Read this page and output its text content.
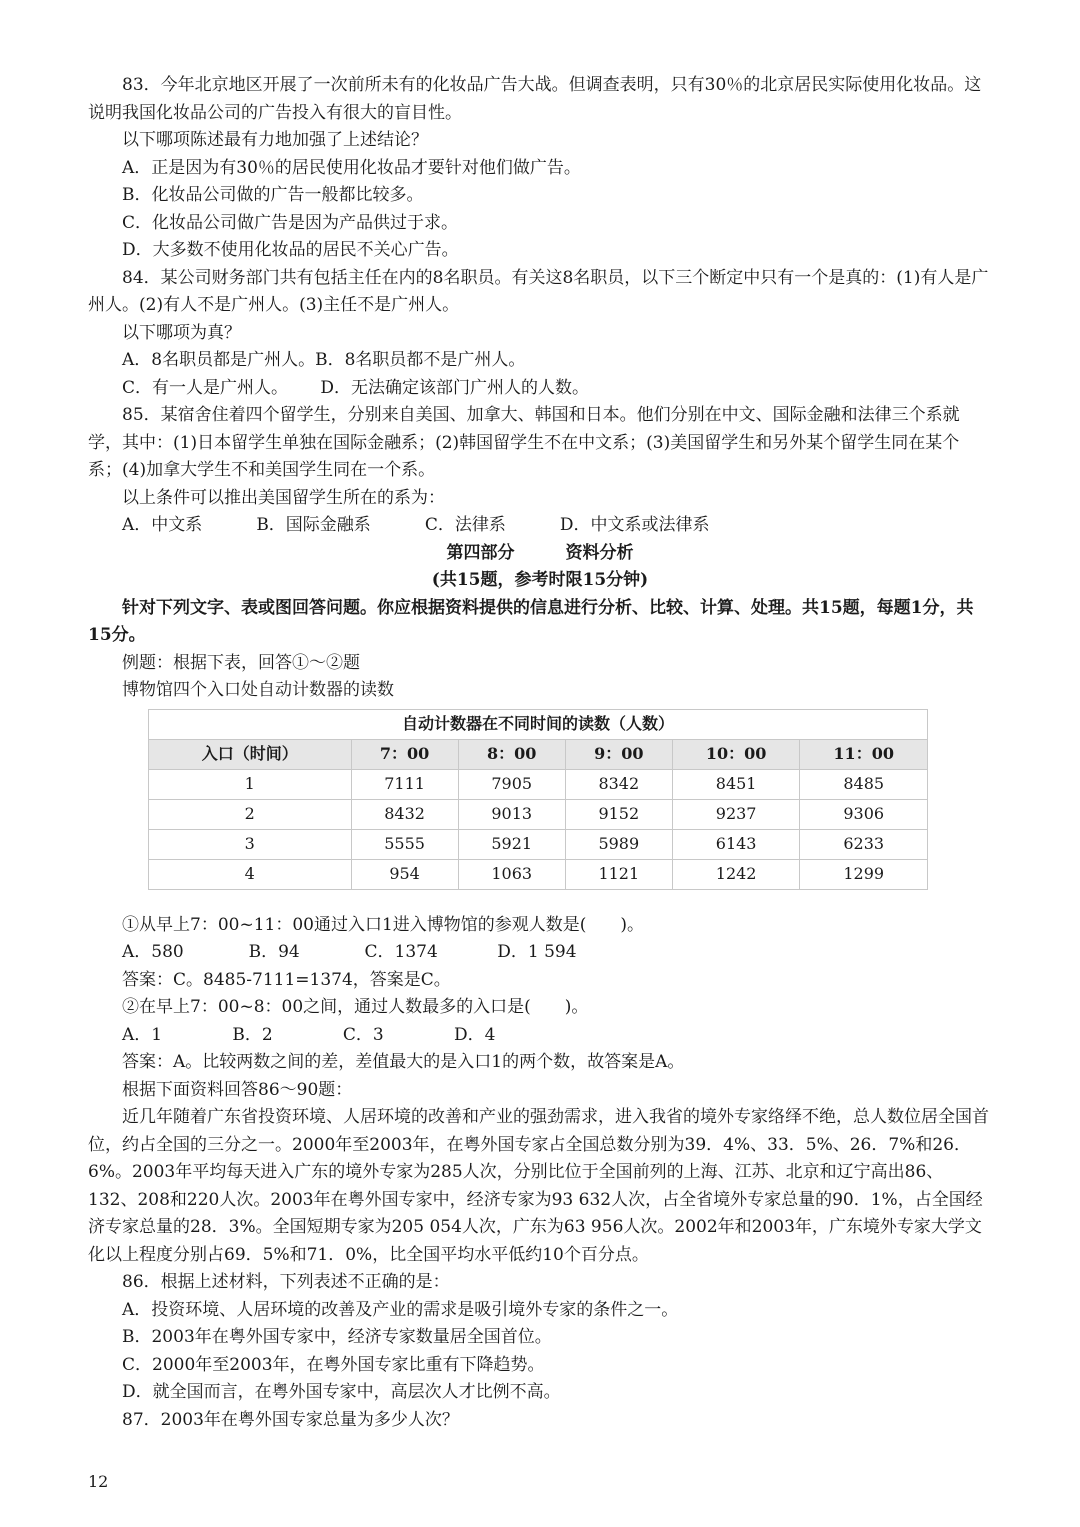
83．今年北京地区开展了一次前所未有的化妆品广告大战。但调查表明，只有30％的北京居民实际使用化妆品。这说明我国化妆品公司的广告投入有很大的盲目性。

以下哪项陈述最有力地加强了上述结论？

A．正是因为有30％的居民使用化妆品才要针对他们做广告。

B．化妆品公司做的广告一般都比较多。

C．化妆品公司做广告是因为产品供过于求。

D．大多数不使用化妆品的居民不关心广告。

84．某公司财务部门共有包括主任在内的8名职员。有关这8名职员，以下三个断定中只有一个是真的：(1)有人是广州人。(2)有人不是广州人。(3)主任不是广州人。

以下哪项为真？

A．8名职员都是广州人。B．8名职员都不是广州人。

C．有一人是广州人。      D．无法确定该部门广州人的人数。

85．某宿舍住着四个留学生，分别来自美国、加拿大、韩国和日本。他们分别在中文、国际金融和法律三个系就学，其中：(1)日本留学生单独在国际金融系；(2)韩国留学生不在中文系；(3)美国留学生和另外某个留学生同在某个系；(4)加拿大学生不和美国学生同在一个系。

以上条件可以推出美国留学生所在的系为：

A．中文系          B．国际金融系          C．法律系          D．中文系或法律系

第四部分　　　资料分析

(共15题，参考时限15分钟)

针对下列文字、表或图回答问题。你应根据资料提供的信息进行分析、比较、计算、处理。共15题，每题1分，共15分。

例题：根据下表，回答①～②题

博物馆四个入口处自动计数器的读数

自动计数器在不同时间的读数（人数）					
入口（时间）	7：00	8：00	9：00	10：00	11：00
1	7111	7905	8342	8451	8485
2	8432	9013	9152	9237	9306
3	5555	5921	5989	6143	6233
4	954	1063	1121	1242	1299

①从早上7：00~11：00通过入口1进入博物馆的参观人数是(　　)。

A．580            B．94            C．1374           D．1 594

答案：C。8485-7111=1374，答案是C。

②在早上7：00~8：00之间，通过人数最多的入口是(　　)。

A．1             B．2             C．3             D．4

答案：A。比较两数之间的差，差值最大的是入口1的两个数，故答案是A。

根据下面资料回答86～90题：

近几年随着广东省投资环境、人居环境的改善和产业的强劲需求，进入我省的境外专家络绎不绝，总人数位居全国首位，约占全国的三分之一。2000年至2003年，在粤外国专家占全国总数分别为39．4%、33．5%、26．7%和26．6%。2003年平均每天进入广东的境外专家为285人次，分别比位于全国前列的上海、江苏、北京和辽宁高出86、132、208和220人次。2003年在粤外国专家中，经济专家为93 632人次，占全省境外专家总量的90．1%，占全国经济专家总量的28．3%。全国短期专家为205 054人次，广东为63 956人次。2002年和2003年，广东境外专家大学文化以上程度分别占69．5%和71．0%，比全国平均水平低约10个百分点。

86．根据上述材料，下列表述不正确的是：

A．投资环境、人居环境的改善及产业的需求是吸引境外专家的条件之一。

B．2003年在粤外国专家中，经济专家数量居全国首位。

C．2000年至2003年，在粤外国专家比重有下降趋势。

D．就全国而言，在粤外国专家中，高层次人才比例不高。

87．2003年在粤外国专家总量为多少人次？

12
